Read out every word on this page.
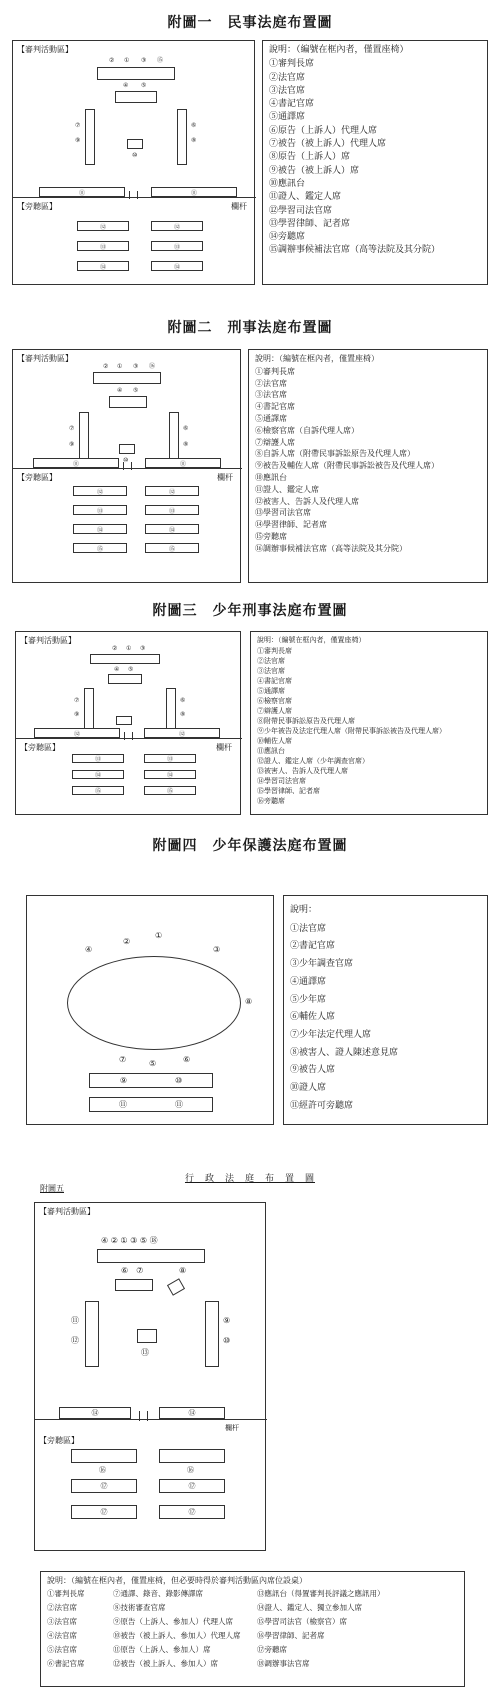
附圖一　民事法庭布置圖
【審判活動區】
② ① ③ ⑮
④ ⑤
⑦
⑨
⑥
⑧
⑩
⑪	⑪
【旁聽區】	欄杆
⑫	⑫
⑬	⑬
⑭	⑭
說明：（編號在框內者，僅置座椅）
①審判長席
②法官席
③法官席
④書記官席
⑤通譯席
⑥原告（上訴人）代理人席
⑦被告（被上訴人）代理人席
⑧原告（上訴人）席
⑨被告（被上訴人）席
⑩應訊台
⑪證人、鑑定人席
⑫學習司法官席
⑬學習律師、記者席
⑭旁聽席
⑮調辦事候補法官席（高等法院及其分院）
附圖二　刑事法庭布置圖
【審判活動區】
② ① ③ ⑯
④ ⑤
⑦
⑨
⑥
⑧
⑩
⑪	⑪
【旁聽區】	欄杆
⑫	⑫
⑬	⑬
⑭	⑭
⑮	⑮
說明：（編號在框內者，僅置座椅）
①審判長席
②法官席
③法官席
④書記官席
⑤通譯席
⑥檢察官席（自訴代理人席）
⑦辯護人席
⑧自訴人席（附帶民事訴訟原告及代理人席）
⑨被告及輔佐人席（附帶民事訴訟被告及代理人席）
⑩應訊台
⑪證人、鑑定人席
⑫被害人、告訴人及代理人席
⑬學習司法官席
⑭學習律師、記者席
⑮旁聽席
⑯調辦事候補法官席（高等法院及其分院）
附圖三　少年刑事法庭布置圖
【審判活動區】
② ① ③
④ ⑤
⑦
⑨
⑥
⑧
⑫	⑫
【旁聽區】	欄杆
⑬	⑬
⑭	⑭
⑮	⑮
說明：（編號在框內者，僅置座椅）
①審判長席
②法官席
③法官席
④書記官席
⑤通譯席
⑥檢察官席
⑦辯護人席
⑧附帶民事訴訟原告及代理人席
⑨少年被告及法定代理人席（附帶民事訴訟被告及代理人席）
⑩輔佐人席
⑪應訊台
⑫證人、鑑定人席（少年調查官席）
⑬被害人、告訴人及代理人席
⑭學習司法官席
⑮學習律師、記者席
⑯旁聽席
附圖四　少年保護法庭布置圖
①
②
③
④
⑧
⑦	⑤	⑥
⑨　　　　　　⑩
⑪　　　　　　⑪
說明：
①法官席
②書記官席
③少年調查官席
④通譯席
⑤少年席
⑥輔佐人席
⑦少年法定代理人席
⑧被害人、證人陳述意見席
⑨被告人席
⑩證人席
⑪經許可旁聽席
行　政　法　庭　布　置　圖
附圖五
【審判活動區】
④ ② ① ③ ⑤ ⑱
⑥　⑦	⑧
⑪
⑫
⑨
⑩
⑬
⑭	⑭
欄杆
【旁聽區】
⑯	⑯
⑰	⑰
⑰	⑰
說明：（編號在框內者，僅置座椅，但必要時得於審判活動區內席位設桌）
①審判長席	⑦通譯、錄音、錄影傳譯席	⑬應訊台（得置審判長評議之應訊用）
②法官席	⑧技術審查官席	⑭證人、鑑定人、獨立參加人席
③法官席	⑨原告（上訴人、參加人）代理人席	⑮學習司法官（檢察官）席
④法官席	⑩被告（被上訴人、參加人）代理人席	⑯學習律師、記者席
⑤法官席	⑪原告（上訴人、參加人）席	⑰旁聽席
⑥書記官席	⑫被告（被上訴人、參加人）席	⑱調辦事法官席
